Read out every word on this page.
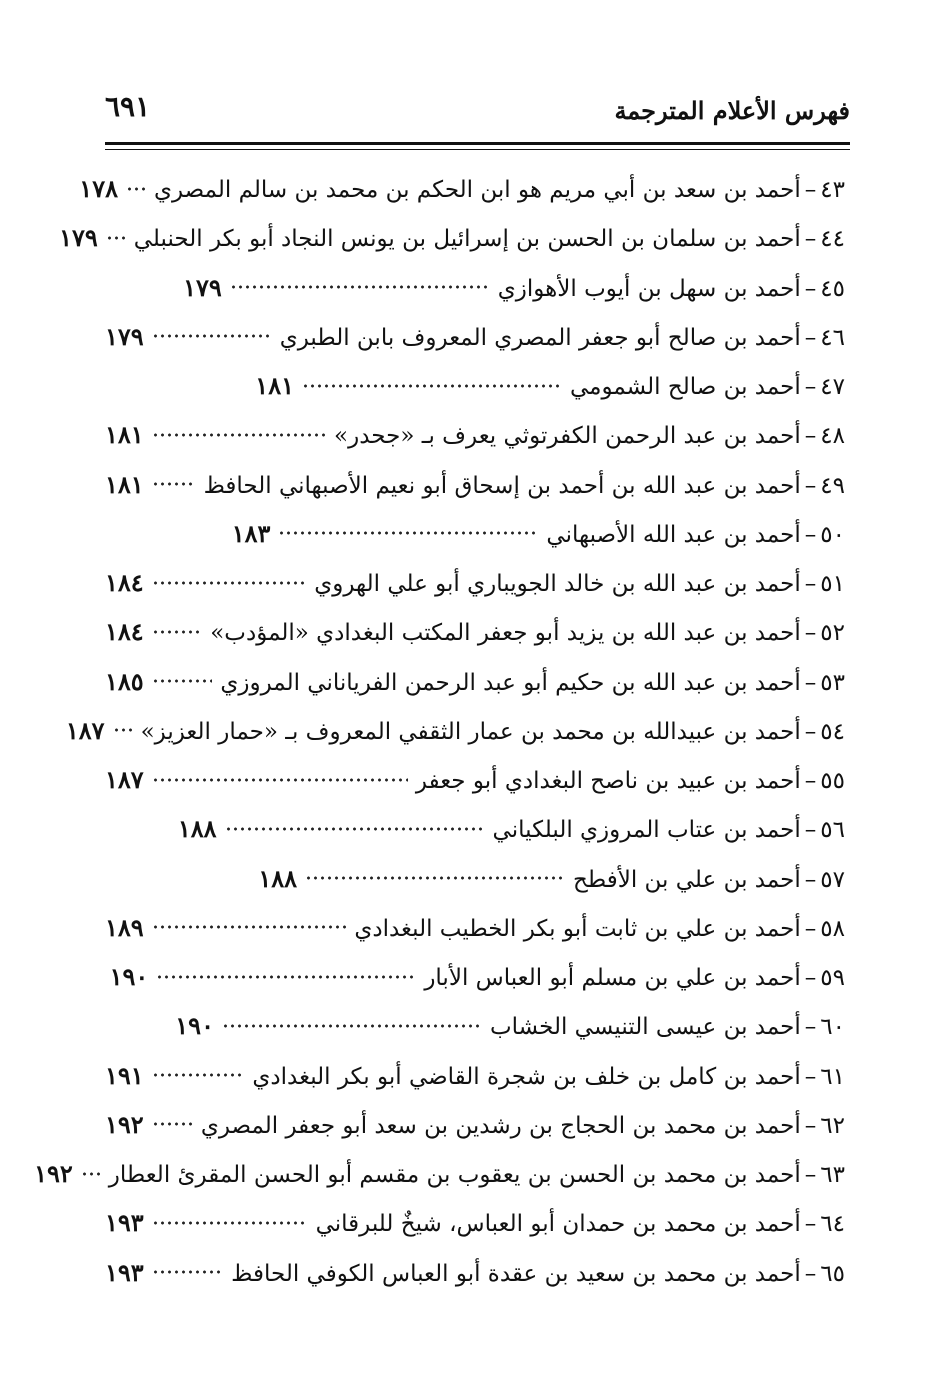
فهرس الأعلام المترجمة
٦٩١
٤٣
–
أحمد بن سعد بن أبي مريم هو ابن الحكم بن محمد بن سالم المصري
١٧٨
٤٤
–
أحمد بن سلمان بن الحسن بن إسرائيل بن يونس النجاد أبو بكر الحنبلي
١٧٩
٤٥
–
أحمد بن سهل بن أيوب الأهوازي
١٧٩
٤٦
–
أحمد بن صالح أبو جعفر المصري المعروف بابن الطبري
١٧٩
٤٧
–
أحمد بن صالح الشمومي
١٨١
٤٨
–
أحمد بن عبد الرحمن الكفرتوثي يعرف بـ «جحدر»
١٨١
٤٩
–
أحمد بن عبد الله بن أحمد بن إسحاق أبو نعيم الأصبهاني الحافظ
١٨١
٥٠
–
أحمد بن عبد الله الأصبهاني
١٨٣
٥١
–
أحمد بن عبد الله بن خالد الجويباري أبو علي الهروي
١٨٤
٥٢
–
أحمد بن عبد الله بن يزيد أبو جعفر المكتب البغدادي «المؤدب»
١٨٤
٥٣
–
أحمد بن عبد الله بن حكيم أبو عبد الرحمن الفرياناني المروزي
١٨٥
٥٤
–
أحمد بن عبيدالله بن محمد بن عمار الثقفي المعروف بـ «حمار العزيز»
١٨٧
٥٥
–
أحمد بن عبيد بن ناصح البغدادي أبو جعفر
١٨٧
٥٦
–
أحمد بن عتاب المروزي البلكياني
١٨٨
٥٧
–
أحمد بن علي بن الأفطح
١٨٨
٥٨
–
أحمد بن علي بن ثابت أبو بكر الخطيب البغدادي
١٨٩
٥٩
–
أحمد بن علي بن مسلم أبو العباس الأبار
١٩٠
٦٠
–
أحمد بن عيسى التنيسي الخشاب
١٩٠
٦١
–
أحمد بن كامل بن خلف بن شجرة القاضي أبو بكر البغدادي
١٩١
٦٢
–
أحمد بن محمد بن الحجاج بن رشدين بن سعد أبو جعفر المصري
١٩٢
٦٣
–
أحمد بن محمد بن الحسن بن يعقوب بن مقسم أبو الحسن المقرئ العطار
١٩٢
٦٤
–
أحمد بن محمد بن حمدان أبو العباس، شيخٌ للبرقاني
١٩٣
٦٥
–
أحمد بن محمد بن سعيد بن عقدة أبو العباس الكوفي الحافظ
١٩٣
